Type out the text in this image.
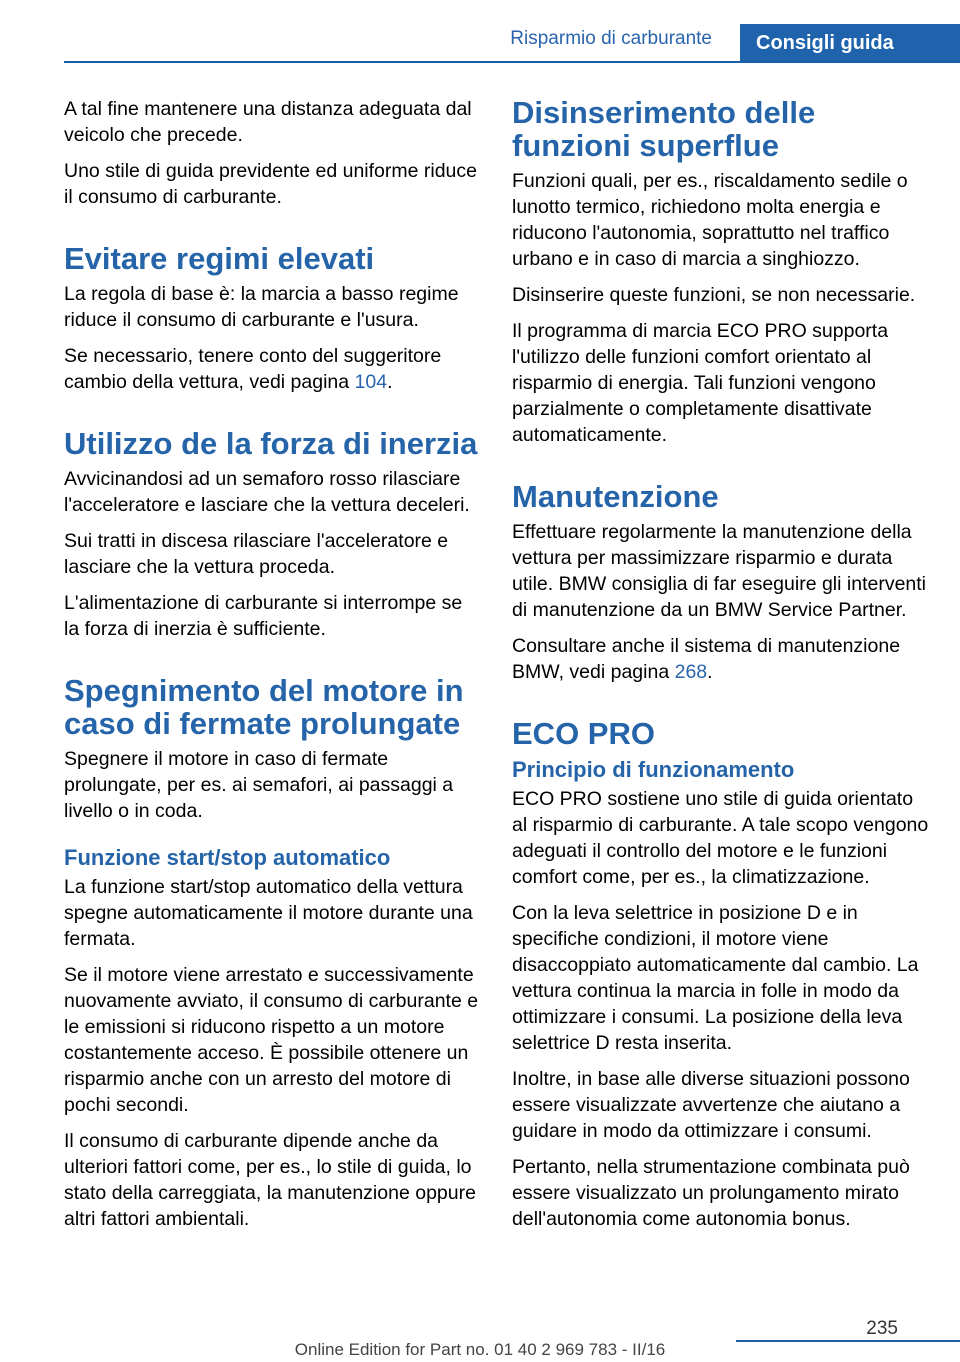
Risparmio di carburante	Consigli guida

A tal fine mantenere una distanza adeguata dal veicolo che precede.

Uno stile di guida previdente ed uniforme riduce il consumo di carburante.

Evitare regimi elevati

La regola di base è: la marcia a basso regime riduce il consumo di carburante e l'usura.

Se necessario, tenere conto del suggeritore cambio della vettura, vedi pagina 104.

Utilizzo de la forza di inerzia

Avvicinandosi ad un semaforo rosso rilasciare l'acceleratore e lasciare che la vettura deceleri.

Sui tratti in discesa rilasciare l'acceleratore e lasciare che la vettura proceda.

L'alimentazione di carburante si interrompe se la forza di inerzia è sufficiente.

Spegnimento del motore in caso di fermate prolungate

Spegnere il motore in caso di fermate prolungate, per es. ai semafori, ai passaggi a livello o in coda.

Funzione start/stop automatico

La funzione start/stop automatico della vettura spegne automaticamente il motore durante una fermata.

Se il motore viene arrestato e successivamente nuovamente avviato, il consumo di carburante e le emissioni si riducono rispetto a un motore costantemente acceso. È possibile ottenere un risparmio anche con un arresto del motore di pochi secondi.

Il consumo di carburante dipende anche da ulteriori fattori come, per es., lo stile di guida, lo stato della carreggiata, la manutenzione oppure altri fattori ambientali.

Disinserimento delle funzioni superflue

Funzioni quali, per es., riscaldamento sedile o lunotto termico, richiedono molta energia e riducono l'autonomia, soprattutto nel traffico urbano e in caso di marcia a singhiozzo.

Disinserire queste funzioni, se non necessarie.

Il programma di marcia ECO PRO supporta l'utilizzo delle funzioni comfort orientato al risparmio di energia. Tali funzioni vengono parzialmente o completamente disattivate automaticamente.

Manutenzione

Effettuare regolarmente la manutenzione della vettura per massimizzare risparmio e durata utile. BMW consiglia di far eseguire gli interventi di manutenzione da un BMW Service Partner.

Consultare anche il sistema di manutenzione BMW, vedi pagina 268.

ECO PRO
Principio di funzionamento

ECO PRO sostiene uno stile di guida orientato al risparmio di carburante. A tale scopo vengono adeguati il controllo del motore e le funzioni comfort come, per es., la climatizzazione.

Con la leva selettrice in posizione D e in specifiche condizioni, il motore viene disaccoppiato automaticamente dal cambio. La vettura continua la marcia in folle in modo da ottimizzare i consumi. La posizione della leva selettrice D resta inserita.

Inoltre, in base alle diverse situazioni possono essere visualizzate avvertenze che aiutano a guidare in modo da ottimizzare i consumi.

Pertanto, nella strumentazione combinata può essere visualizzato un prolungamento mirato dell'autonomia come autonomia bonus.

235
Online Edition for Part no. 01 40 2 969 783 - II/16
